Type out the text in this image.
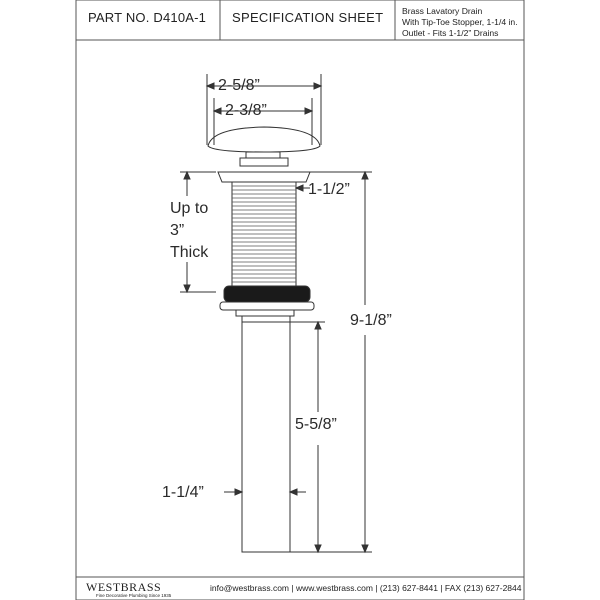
PART NO. D410A-1 SPECIFICATION SHEET Brass Lavatory Drain
With Tip-Toe Stopper, 1-1/4 in.
Outlet - Fits 1-1/2” Drains
2-5/8”
2-3/8”
1-1/2”
Up to
3”
Thick
9-1/8”
5-5/8”
1-1/4”
WESTBRASS
Fine Decorative Plumbing Since 1935
info@westbrass.com | www.westbrass.com | (213) 627-8441 | FAX (213) 627-2844
